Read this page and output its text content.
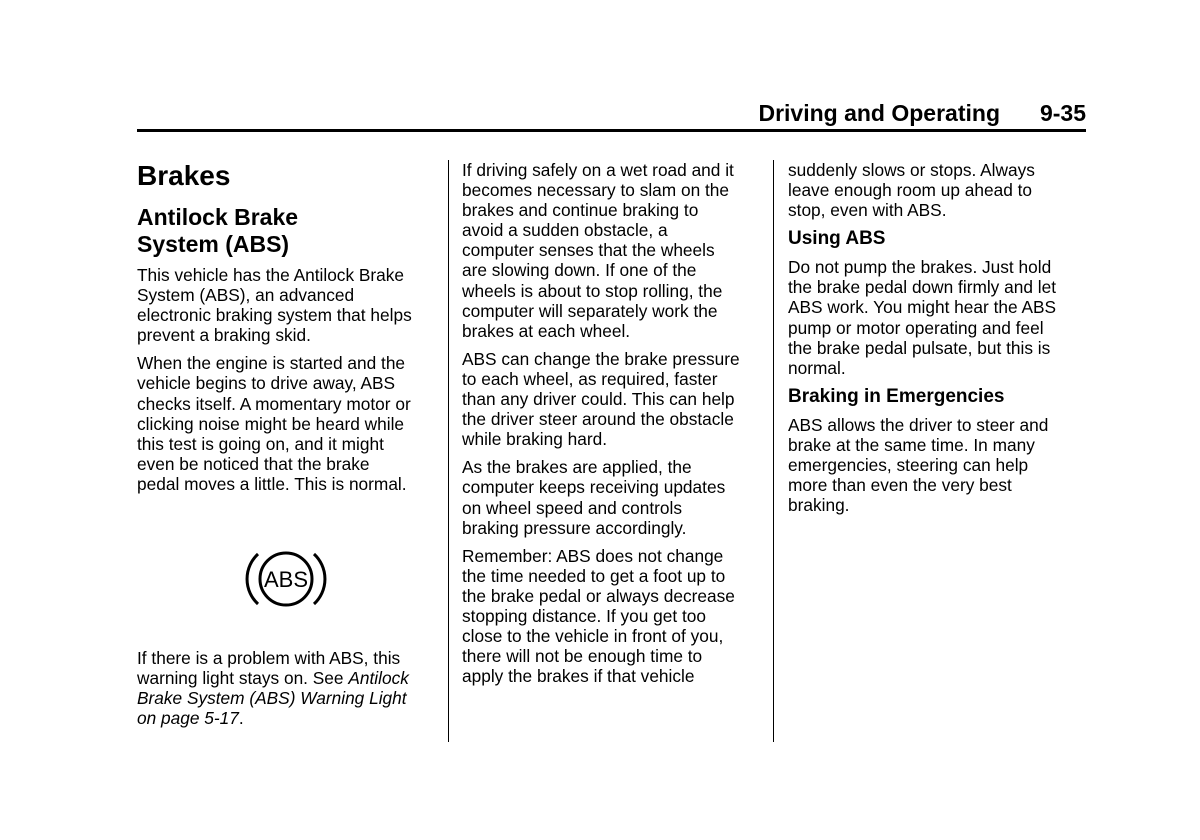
Driving and Operating 9-35
Brakes
Antilock Brake
System (ABS)

This vehicle has the Antilock Brake
System (ABS), an advanced
electronic braking system that helps
prevent a braking skid.

When the engine is started and the
vehicle begins to drive away, ABS
checks itself. A momentary motor or
clicking noise might be heard while
this test is going on, and it might
even be noticed that the brake
pedal moves a little. This is normal.

ABS

If there is a problem with ABS, this
warning light stays on. See Antilock
Brake System (ABS) Warning Light
on page 5-17.

If driving safely on a wet road and it
becomes necessary to slam on the
brakes and continue braking to
avoid a sudden obstacle, a
computer senses that the wheels
are slowing down. If one of the
wheels is about to stop rolling, the
computer will separately work the
brakes at each wheel.

ABS can change the brake pressure
to each wheel, as required, faster
than any driver could. This can help
the driver steer around the obstacle
while braking hard.

As the brakes are applied, the
computer keeps receiving updates
on wheel speed and controls
braking pressure accordingly.

Remember: ABS does not change
the time needed to get a foot up to
the brake pedal or always decrease
stopping distance. If you get too
close to the vehicle in front of you,
there will not be enough time to
apply the brakes if that vehicle

suddenly slows or stops. Always
leave enough room up ahead to
stop, even with ABS.

Using ABS

Do not pump the brakes. Just hold
the brake pedal down firmly and let
ABS work. You might hear the ABS
pump or motor operating and feel
the brake pedal pulsate, but this is
normal.

Braking in Emergencies

ABS allows the driver to steer and
brake at the same time. In many
emergencies, steering can help
more than even the very best
braking.
